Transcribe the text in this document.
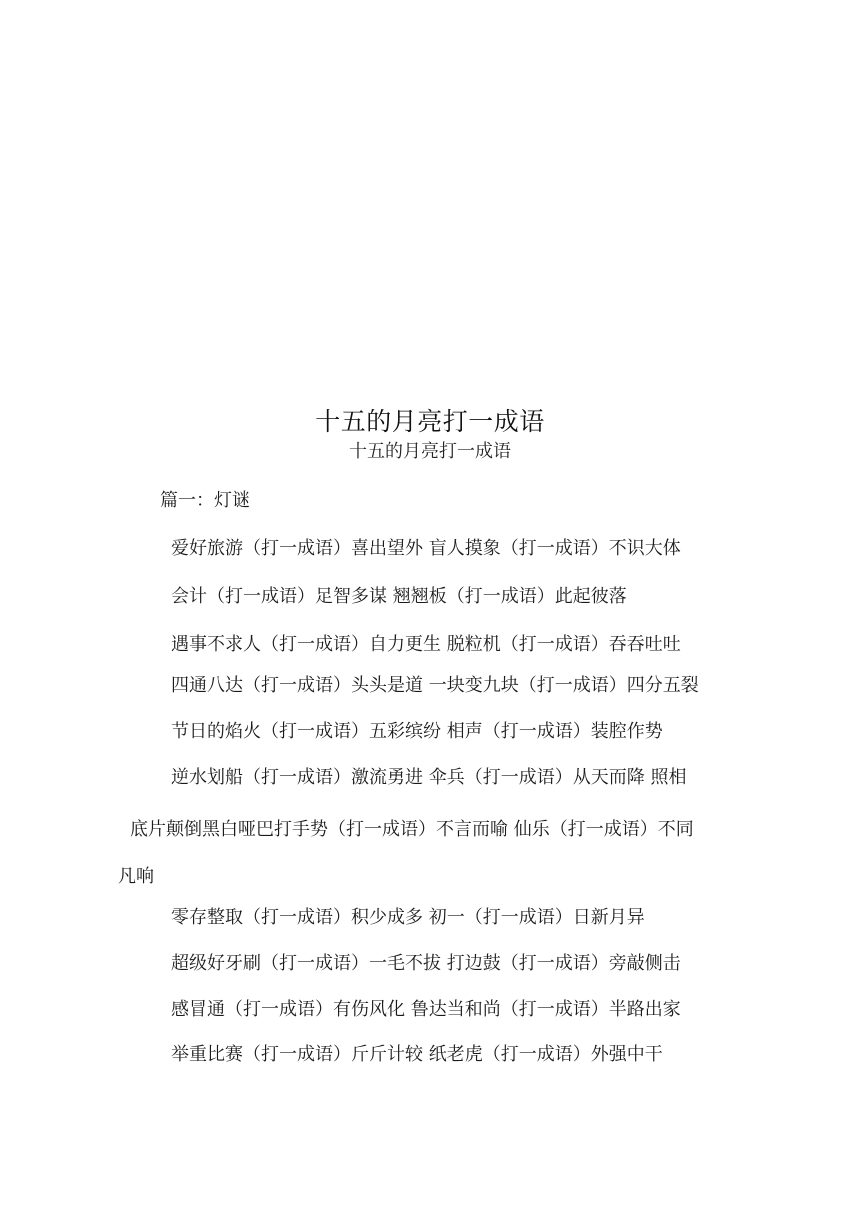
十五的月亮打一成语
十五的月亮打一成语
篇一：灯谜
爱好旅游（打一成语）喜出望外 盲人摸象（打一成语）不识大体
会计（打一成语）足智多谋 翘翘板（打一成语）此起彼落
遇事不求人（打一成语）自力更生 脱粒机（打一成语）吞吞吐吐
四通八达（打一成语）头头是道 一块变九块（打一成语）四分五裂
节日的焰火（打一成语）五彩缤纷 相声（打一成语）装腔作势
逆水划船（打一成语）激流勇进 伞兵（打一成语）从天而降 照相
底片颠倒黑白哑巴打手势（打一成语）不言而喻 仙乐（打一成语）不同
凡响
零存整取（打一成语）积少成多 初一（打一成语）日新月异
超级好牙刷（打一成语）一毛不拔 打边鼓（打一成语）旁敲侧击
感冒通（打一成语）有伤风化 鲁达当和尚（打一成语）半路出家
举重比赛（打一成语）斤斤计较 纸老虎（打一成语）外强中干
